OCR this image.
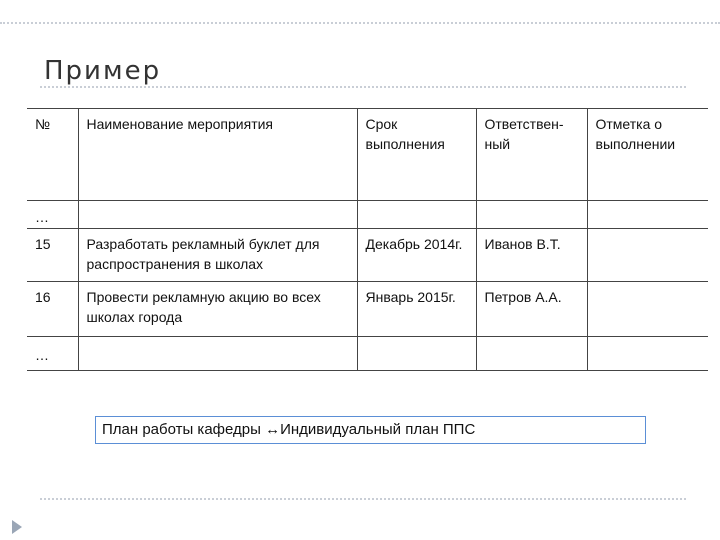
Пример
№	Наименование мероприятия	Срок выполнения	Ответствен-ный	Отметка о выполнении
…				
15	Разработать рекламный буклет для распространения в школах	Декабрь 2014г.	Иванов В.Т.	
16	Провести рекламную акцию во всех школах города	Январь 2015г.	Петров А.А.	
…				
План работы кафедры ↔Индивидуальный план ППС
